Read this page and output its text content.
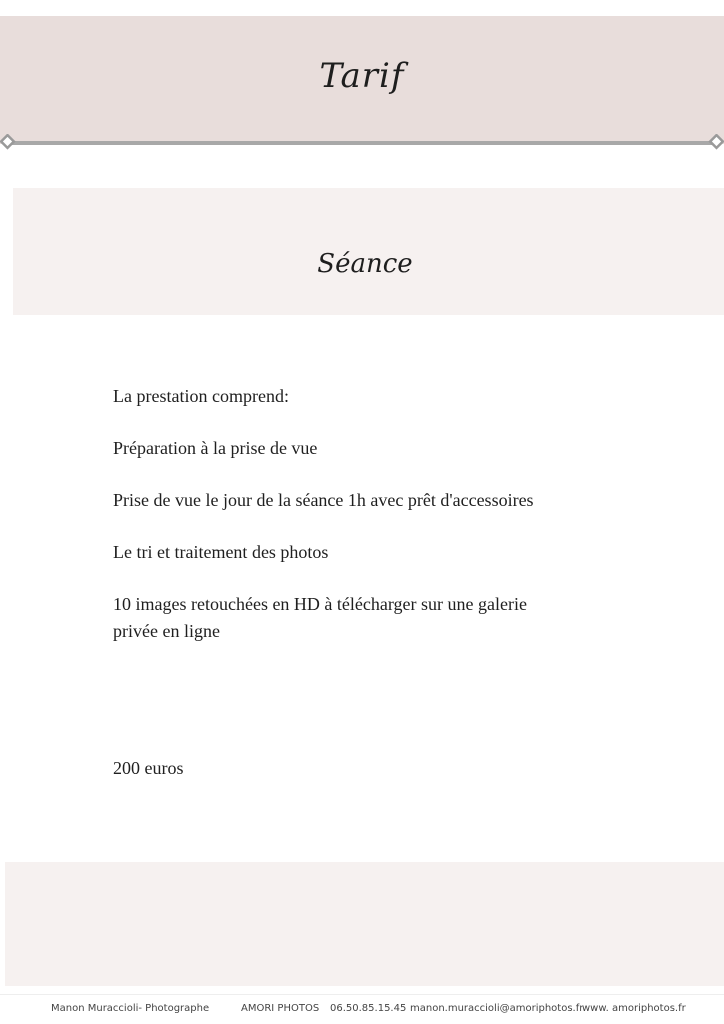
Tarif
Séance

La prestation comprend:

Préparation à la prise de vue

Prise de vue le jour de la séance 1h avec prêt d'accessoires

Le tri et traitement des photos

10 images retouchées en HD à télécharger sur une galerie privée en ligne

200 euros
Manon Muraccioli- Photographe	AMORI PHOTOS 06.50.85.15.45 manon.muraccioli@amoriphotos.fr
www. amoriphotos.fr
